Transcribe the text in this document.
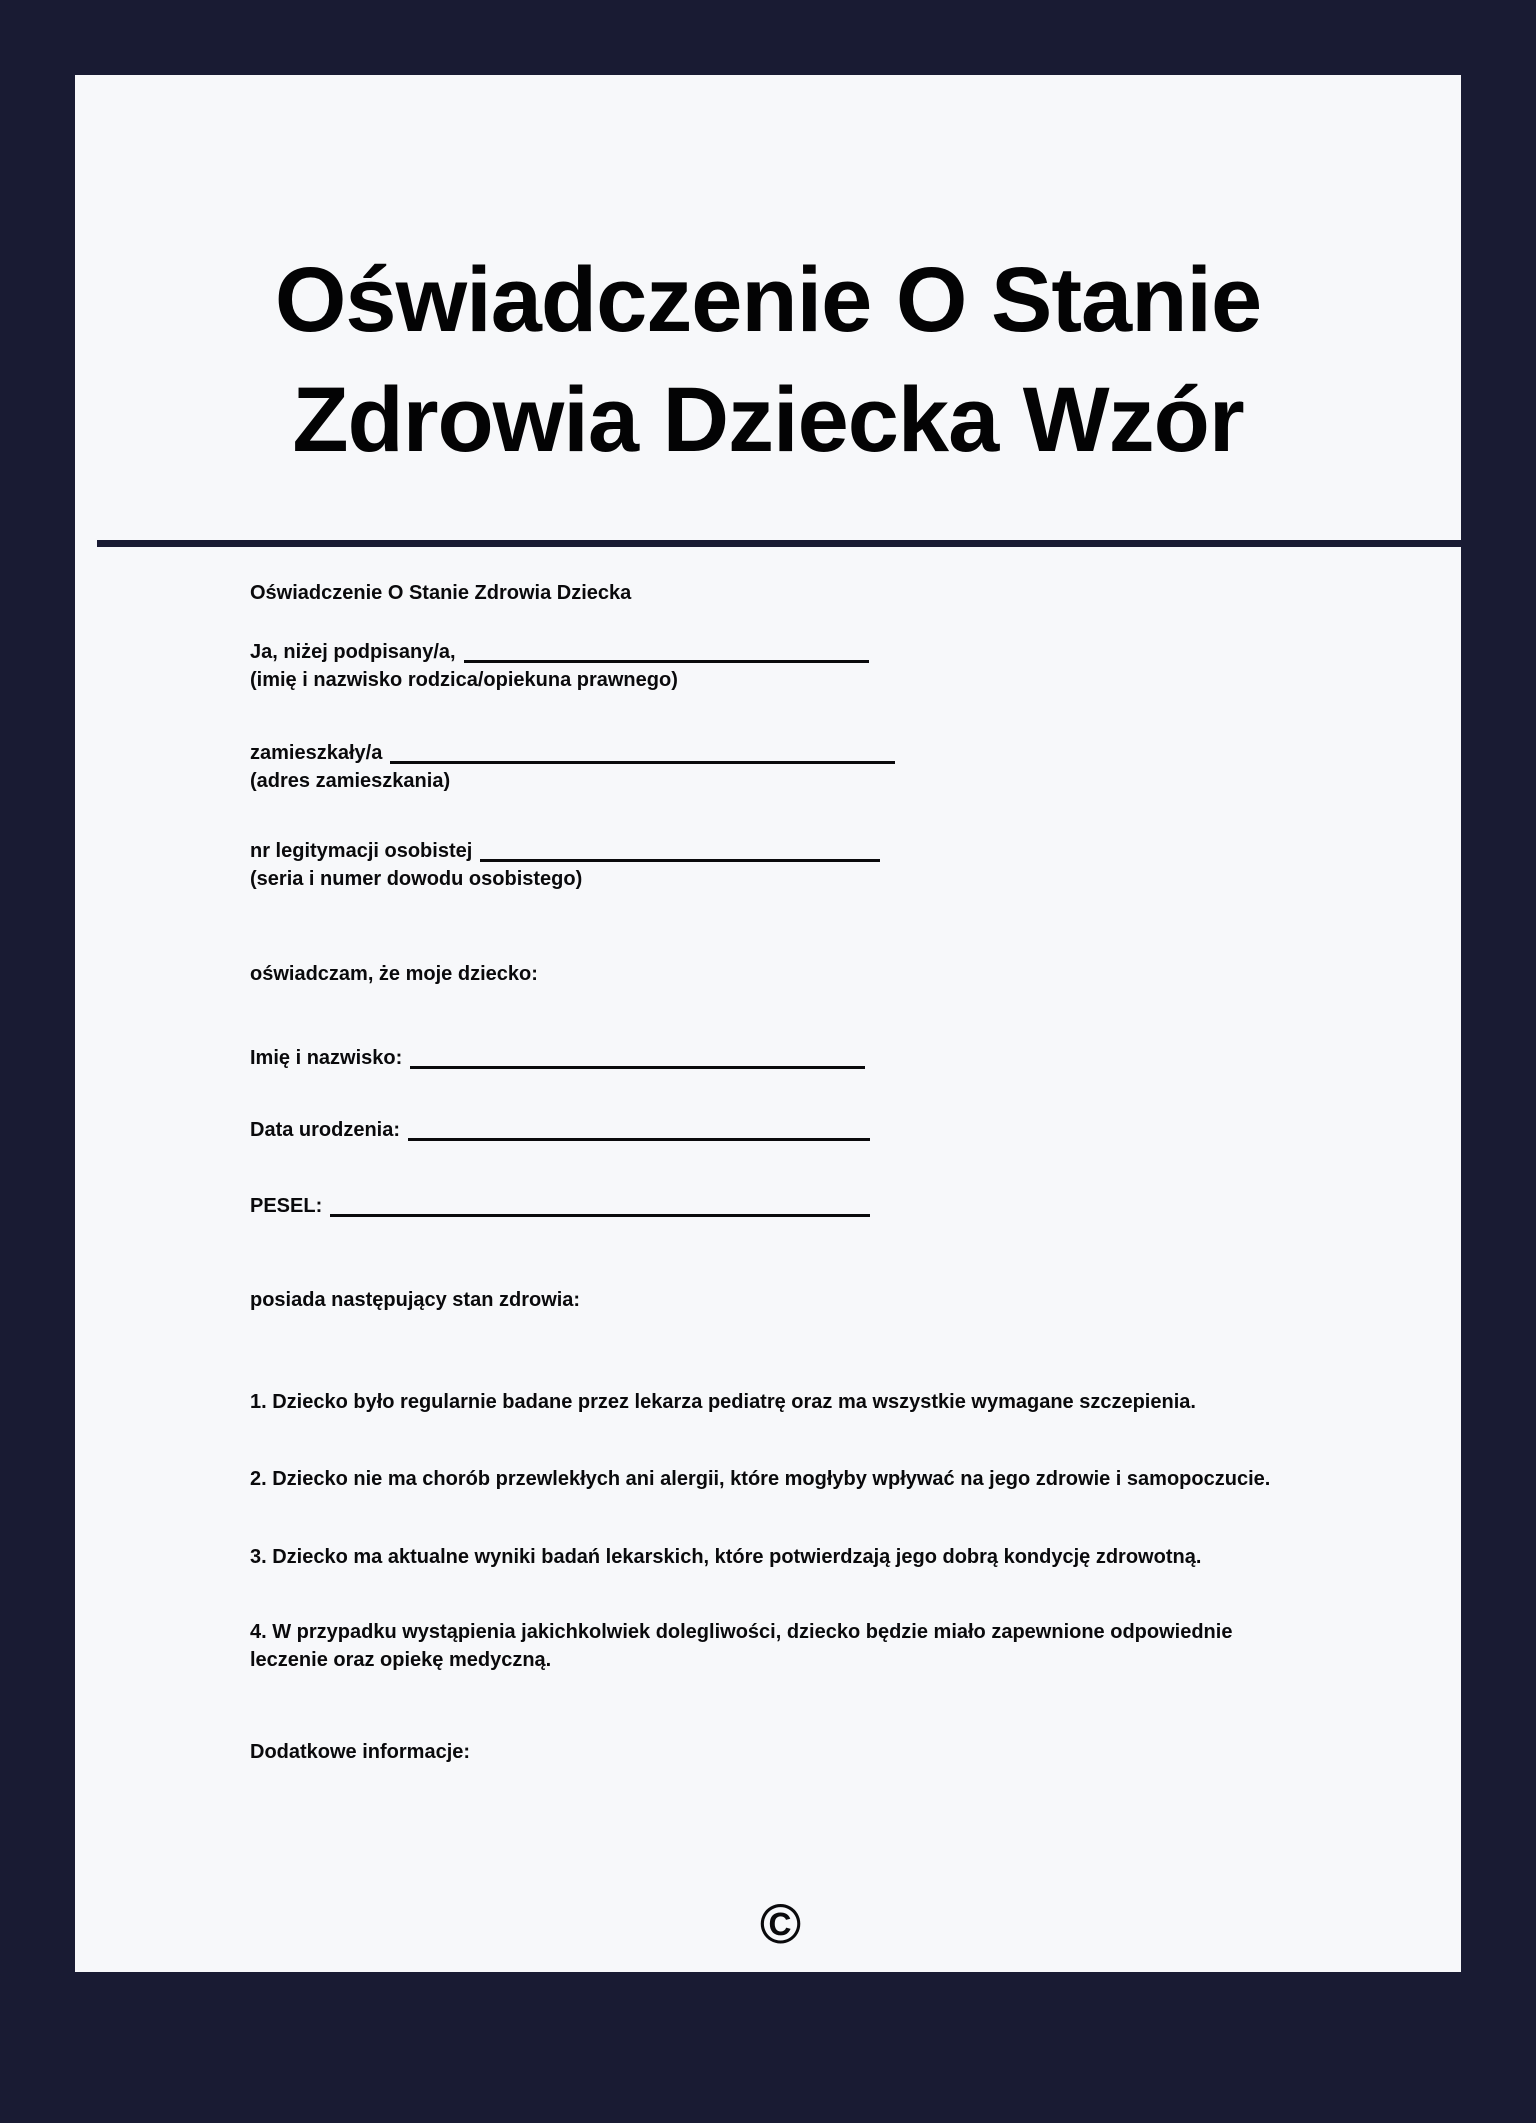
Oświadczenie O Stanie Zdrowia Dziecka Wzór

Oświadczenie O Stanie Zdrowia Dziecka

Ja, niżej podpisany/a,

(imię i nazwisko rodzica/opiekuna prawnego)

zamieszkały/a

(adres zamieszkania)

nr legitymacji osobistej

(seria i numer dowodu osobistego)

oświadczam, że moje dziecko:

Imię i nazwisko:

Data urodzenia:

PESEL:

posiada następujący stan zdrowia:

1. Dziecko było regularnie badane przez lekarza pediatrę oraz ma wszystkie wymagane szczepienia.

2. Dziecko nie ma chorób przewlekłych ani alergii, które mogłyby wpływać na jego zdrowie i samopoczucie.

3. Dziecko ma aktualne wyniki badań lekarskich, które potwierdzają jego dobrą kondycję zdrowotną.

4. W przypadku wystąpienia jakichkolwiek dolegliwości, dziecko będzie miało zapewnione odpowiednie leczenie oraz opiekę medyczną.

Dodatkowe informacje:

©
